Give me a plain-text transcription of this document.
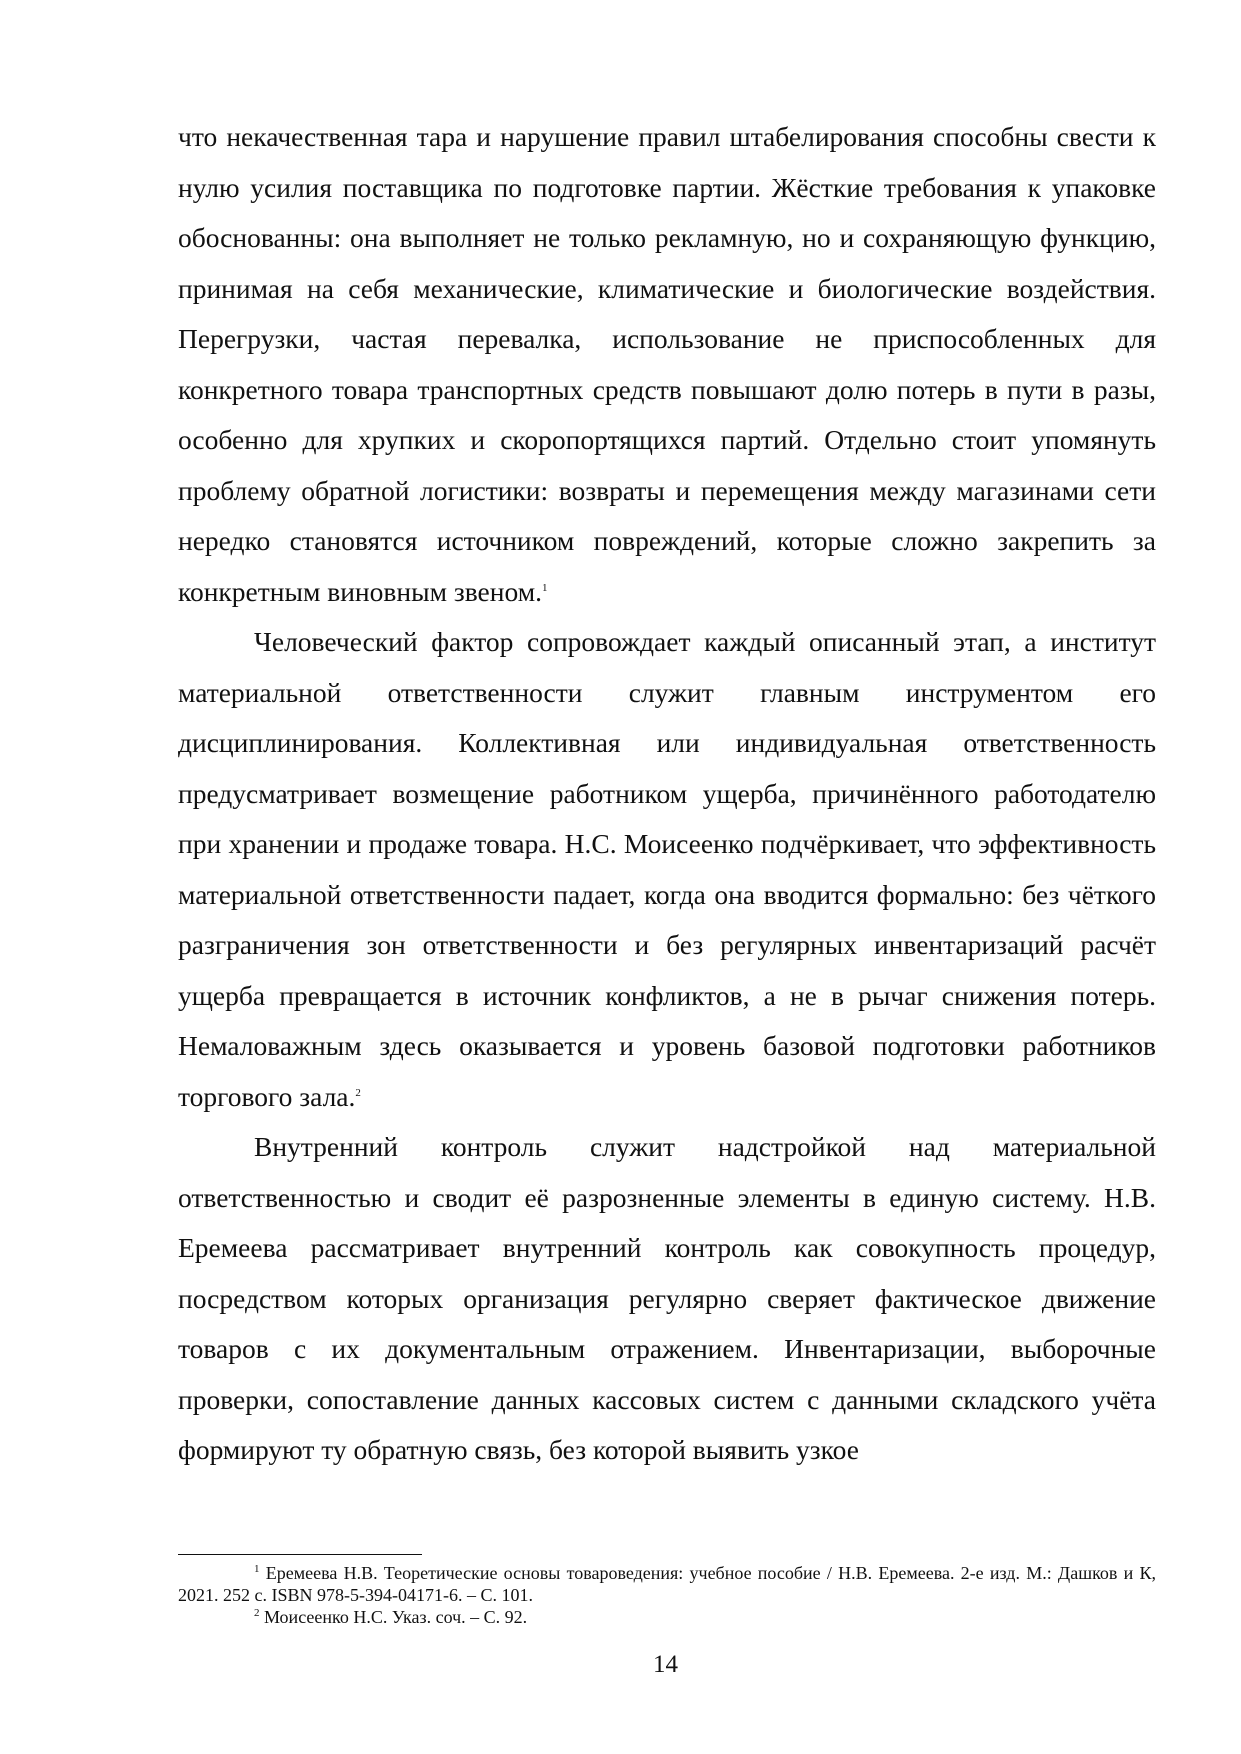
что некачественная тара и нарушение правил штабелирования способны свести к нулю усилия поставщика по подготовке партии. Жёсткие требования к упаковке обоснованны: она выполняет не только рекламную, но и сохраняющую функцию, принимая на себя механические, климатические и биологические воздействия. Перегрузки, частая перевалка, использование не приспособленных для конкретного товара транспортных средств повышают долю потерь в пути в разы, особенно для хрупких и скоропортящихся партий. Отдельно стоит упомянуть проблему обратной логистики: возвраты и перемещения между магазинами сети нередко становятся источником повреждений, которые сложно закрепить за конкретным виновным звеном.$^1$

Человеческий фактор сопровождает каждый описанный этап, а институт материальной ответственности служит главным инструментом его дисциплинирования. Коллективная или индивидуальная ответственность предусматривает возмещение работником ущерба, причинённого работодателю при хранении и продаже товара. Н.С. Моисеенко подчёркивает, что эффективность материальной ответственности падает, когда она вводится формально: без чёткого разграничения зон ответственности и без регулярных инвентаризаций расчёт ущерба превращается в источник конфликтов, а не в рычаг снижения потерь. Немаловажным здесь оказывается и уровень базовой подготовки работников торгового зала.$^2$

Внутренний контроль служит надстройкой над материальной ответственностью и сводит её разрозненные элементы в единую систему. Н.В. Еремеева рассматривает внутренний контроль как совокупность процедур, посредством которых организация регулярно сверяет фактическое движение товаров с их документальным отражением. Инвентаризации, выборочные проверки, сопоставление данных кассовых систем с данными складского учёта формируют ту обратную связь, без которой выявить узкое

$^1$ Еремеева Н.В. Теоретические основы товароведения: учебное пособие / Н.В. Еремеева. 2-е изд. М.: Дашков и К, 2021. 252 с. ISBN 978-5-394-04171-6. – С. 101.

$^2$ Моисеенко Н.С. Указ. соч. – С. 92.

14
